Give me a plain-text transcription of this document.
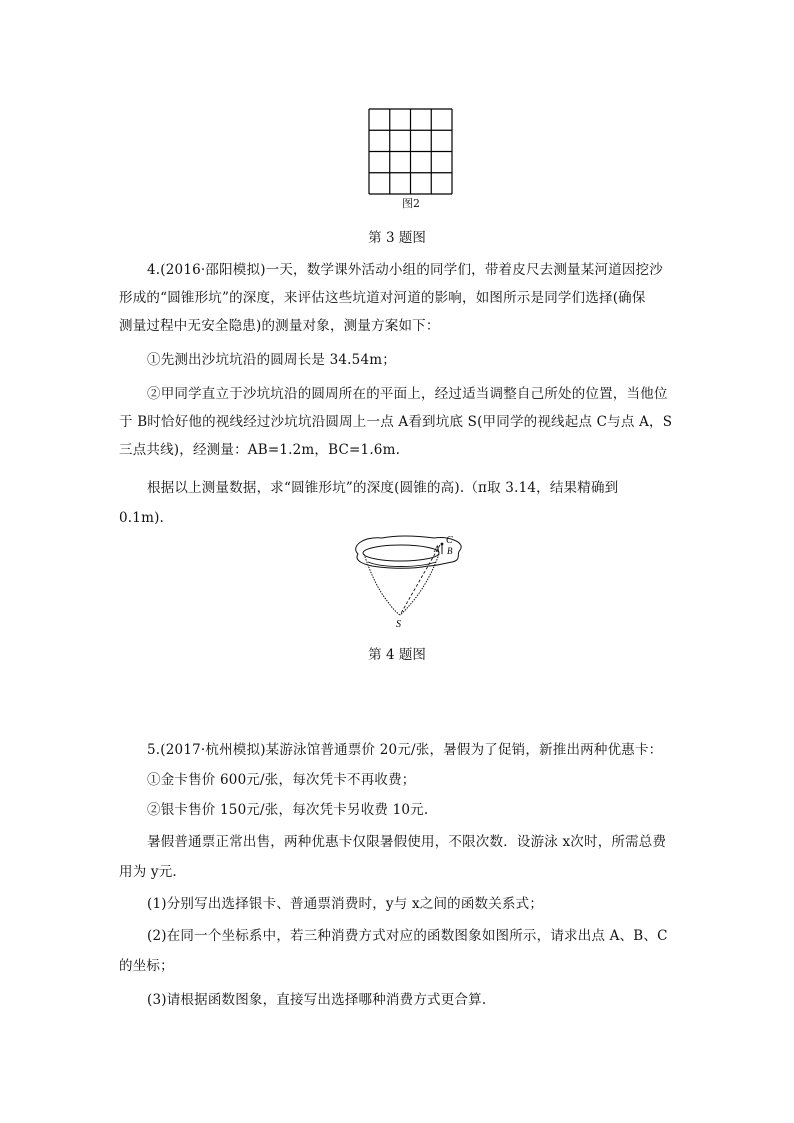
图2
第 3 题图
4.(2016·邵阳模拟)一天，数学课外活动小组的同学们，带着皮尺去测量某河道因挖沙
形成的“圆锥形坑”的深度，来评估这些坑道对河道的影响，如图所示是同学们选择(确保
测量过程中无安全隐患)的测量对象，测量方案如下：
①先测出沙坑坑沿的圆周长是 34.54m；
②甲同学直立于沙坑坑沿的圆周所在的平面上，经过适当调整自己所处的位置，当他位
于 B时恰好他的视线经过沙坑坑沿圆周上一点 A看到坑底 S(甲同学的视线起点 C与点 A，S
三点共线)，经测量：AB=1.2m，BC=1.6m.
根据以上测量数据，求“圆锥形坑”的深度(圆锥的高).（π取 3.14，结果精确到
0.1m).
C
A B
S
第 4 题图
5.(2017·杭州模拟)某游泳馆普通票价 20元/张，暑假为了促销，新推出两种优惠卡：
①金卡售价 600元/张，每次凭卡不再收费；
②银卡售价 150元/张，每次凭卡另收费 10元.
暑假普通票正常出售，两种优惠卡仅限暑假使用，不限次数．设游泳 x次时，所需总费
用为 y元.
(1)分别写出选择银卡、普通票消费时，y与 x之间的函数关系式；
(2)在同一个坐标系中，若三种消费方式对应的函数图象如图所示，请求出点 A、B、C
的坐标；
(3)请根据函数图象，直接写出选择哪种消费方式更合算.
